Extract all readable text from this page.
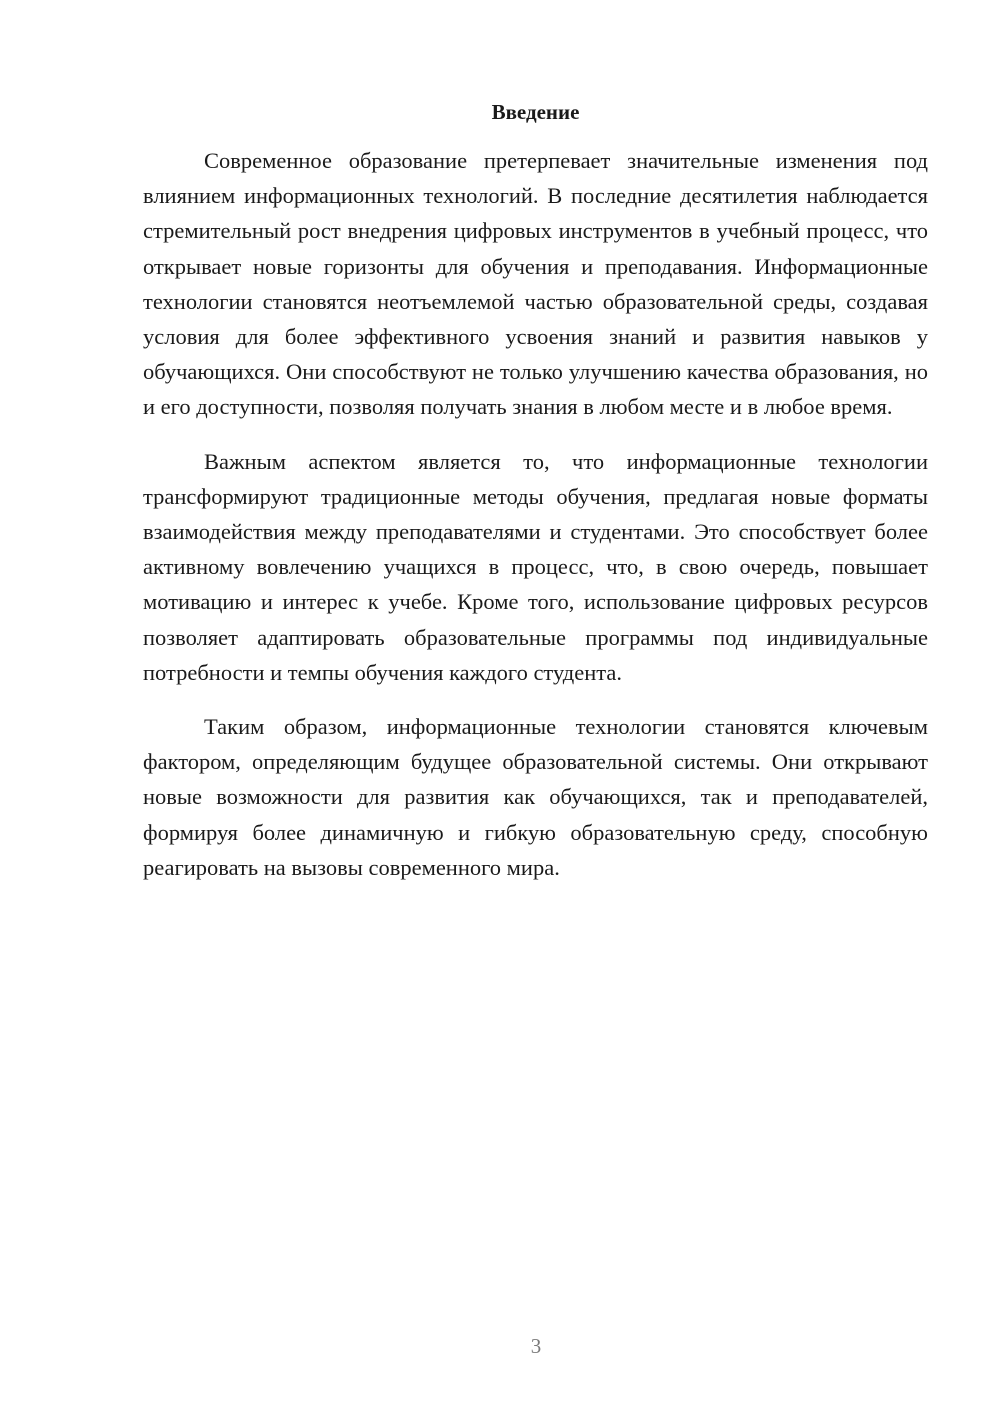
Введение

Современное образование претерпевает значительные изменения под влиянием информационных технологий. В последние десятилетия наблюдается стремительный рост внедрения цифровых инструментов в учебный процесс, что открывает новые горизонты для обучения и преподавания. Информационные технологии становятся неотъемлемой частью образовательной среды, создавая условия для более эффективного усвоения знаний и развития навыков у обучающихся. Они способствуют не только улучшению качества образования, но и его доступности, позволяя получать знания в любом месте и в любое время.

Важным аспектом является то, что информационные технологии трансформируют традиционные методы обучения, предлагая новые форматы взаимодействия между преподавателями и студентами. Это способствует более активному вовлечению учащихся в процесс, что, в свою очередь, повышает мотивацию и интерес к учебе. Кроме того, использование цифровых ресурсов позволяет адаптировать образовательные программы под индивидуальные потребности и темпы обучения каждого студента.

Таким образом, информационные технологии становятся ключевым фактором, определяющим будущее образовательной системы. Они открывают новые возможности для развития как обучающихся, так и преподавателей, формируя более динамичную и гибкую образовательную среду, способную реагировать на вызовы современного мира.

3
